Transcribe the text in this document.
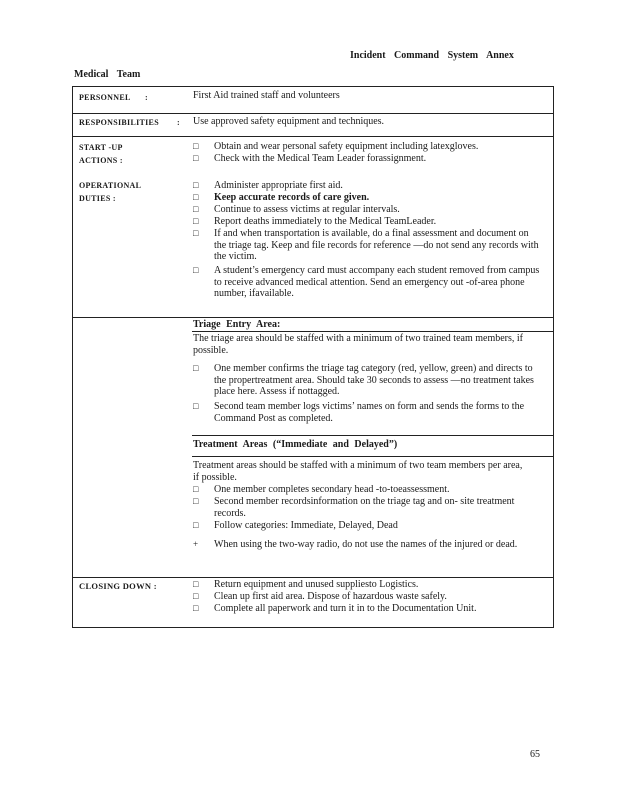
Incident Command System Annex
Medical Team
PERSONNEL :	First Aid trained staff and volunteers
RESPONSIBILITIES : Use approved safety equipment and techniques.
START -UP
ACTIONS :
□ Obtain and wear personal safety equipment including latexgloves.
□ Check with the Medical Team Leader forassignment.
OPERATIONAL
DUTIES :
□ Administer appropriate first aid.
□ Keep accurate records of care given.
□ Continue to assess victims at regular intervals.
□ Report deaths immediately to the Medical TeamLeader.
□ If and when transportation is available, do a final assessment and document on the triage tag. Keep and file records for reference —do not send any records with the victim.
□ A student’s emergency card must accompany each student removed from campus to receive advanced medical attention. Send an emergency out -of-area phone number, ifavailable.
Triage Entry Area:
The triage area should be staffed with a minimum of two trained team members, if possible.
□ One member confirms the triage tag category (red, yellow, green) and directs to the propertreatment area. Should take 30 seconds to assess —no treatment takes place here. Assess if nottagged.
□ Second team member logs victims’ names on form and sends the forms to the Command Post as completed.
Treatment Areas (“Immediate and Delayed”)
Treatment areas should be staffed with a minimum of two team members per area, if possible.
□ One member completes secondary head -to-toeassessment.
□ Second member recordsinformation on the triage tag and on- site treatment records.
□ Follow categories: Immediate, Delayed, Dead
+ When using the two-way radio, do not use the names of the injured or dead.
CLOSING DOWN :	□ Return equipment and unused suppliesto Logistics.
□ Clean up first aid area. Dispose of hazardous waste safely.
□ Complete all paperwork and turn it in to the Documentation Unit.
65
